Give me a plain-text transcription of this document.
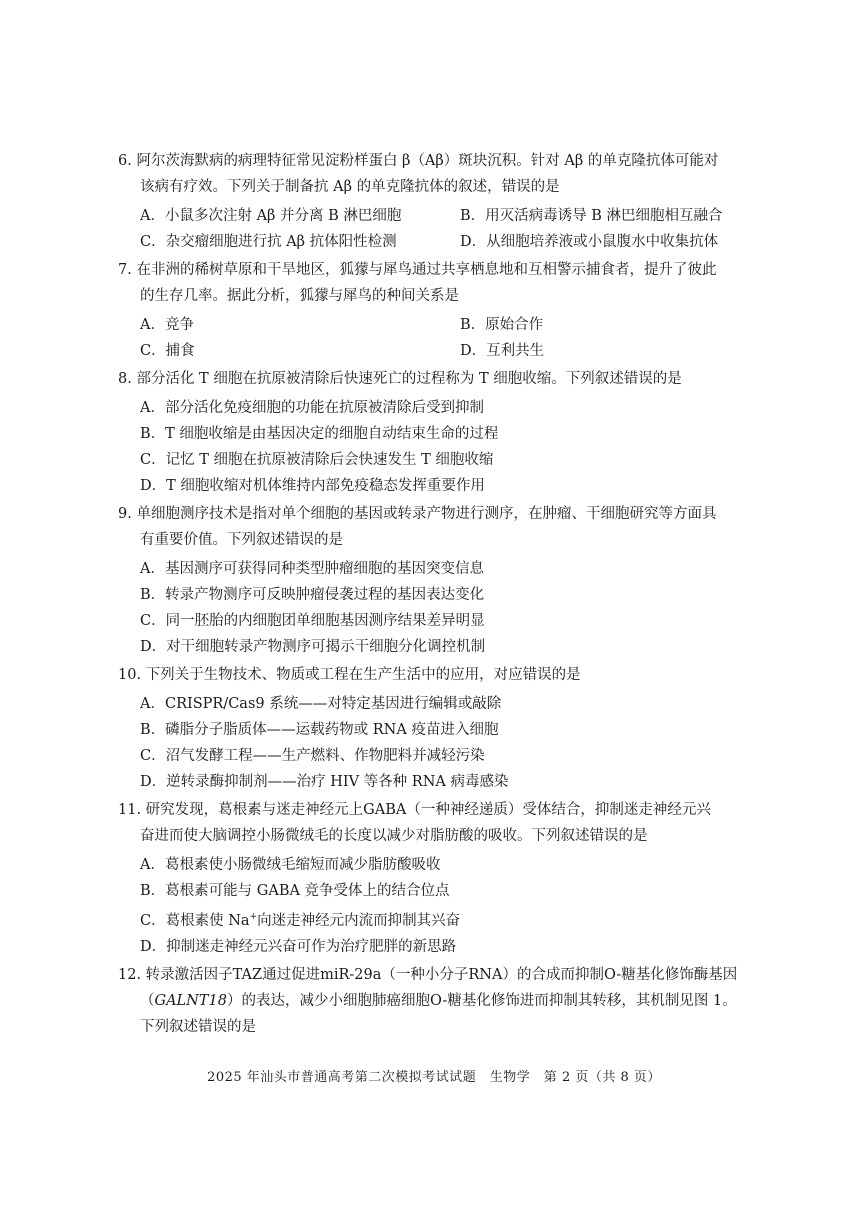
6. 阿尔茨海默病的病理特征常见淀粉样蛋白 β（Aβ）斑块沉积。针对 Aβ 的单克隆抗体可能对
该病有疗效。下列关于制备抗 Aβ 的单克隆抗体的叙述，错误的是
A．小鼠多次注射 Aβ 并分离 B 淋巴细胞	B．用灭活病毒诱导 B 淋巴细胞相互融合
C．杂交瘤细胞进行抗 Aβ 抗体阳性检测	D．从细胞培养液或小鼠腹水中收集抗体
7. 在非洲的稀树草原和干旱地区，狐獴与犀鸟通过共享栖息地和互相警示捕食者，提升了彼此
的生存几率。据此分析，狐獴与犀鸟的种间关系是
A．竞争	B．原始合作
C．捕食	D．互利共生
8. 部分活化 T 细胞在抗原被清除后快速死亡的过程称为 T 细胞收缩。下列叙述错误的是
A．部分活化免疫细胞的功能在抗原被清除后受到抑制
B．T 细胞收缩是由基因决定的细胞自动结束生命的过程
C．记忆 T 细胞在抗原被清除后会快速发生 T 细胞收缩
D．T 细胞收缩对机体维持内部免疫稳态发挥重要作用
9. 单细胞测序技术是指对单个细胞的基因或转录产物进行测序，在肿瘤、干细胞研究等方面具
有重要价值。下列叙述错误的是
A．基因测序可获得同种类型肿瘤细胞的基因突变信息
B．转录产物测序可反映肿瘤侵袭过程的基因表达变化
C．同一胚胎的内细胞团单细胞基因测序结果差异明显
D．对干细胞转录产物测序可揭示干细胞分化调控机制
10. 下列关于生物技术、物质或工程在生产生活中的应用，对应错误的是
A．CRISPR/Cas9 系统——对特定基因进行编辑或敲除
B．磷脂分子脂质体——运载药物或 RNA 疫苗进入细胞
C．沼气发酵工程——生产燃料、作物肥料并减轻污染
D．逆转录酶抑制剂——治疗 HIV 等各种 RNA 病毒感染
11. 研究发现，葛根素与迷走神经元上GABA（一种神经递质）受体结合，抑制迷走神经元兴
奋进而使大脑调控小肠微绒毛的长度以减少对脂肪酸的吸收。下列叙述错误的是
A．葛根素使小肠微绒毛缩短而减少脂肪酸吸收
B．葛根素可能与 GABA 竞争受体上的结合位点
C．葛根素使 Na+向迷走神经元内流而抑制其兴奋
D．抑制迷走神经元兴奋可作为治疗肥胖的新思路
12. 转录激活因子TAZ通过促进miR-29a（一种小分子RNA）的合成而抑制O-糖基化修饰酶基因
（GALNT18）的表达，减少小细胞肺癌细胞O-糖基化修饰进而抑制其转移，其机制见图 1。
下列叙述错误的是
2025 年汕头市普通高考第二次模拟考试试题　生物学　第 2 页（共 8 页）
